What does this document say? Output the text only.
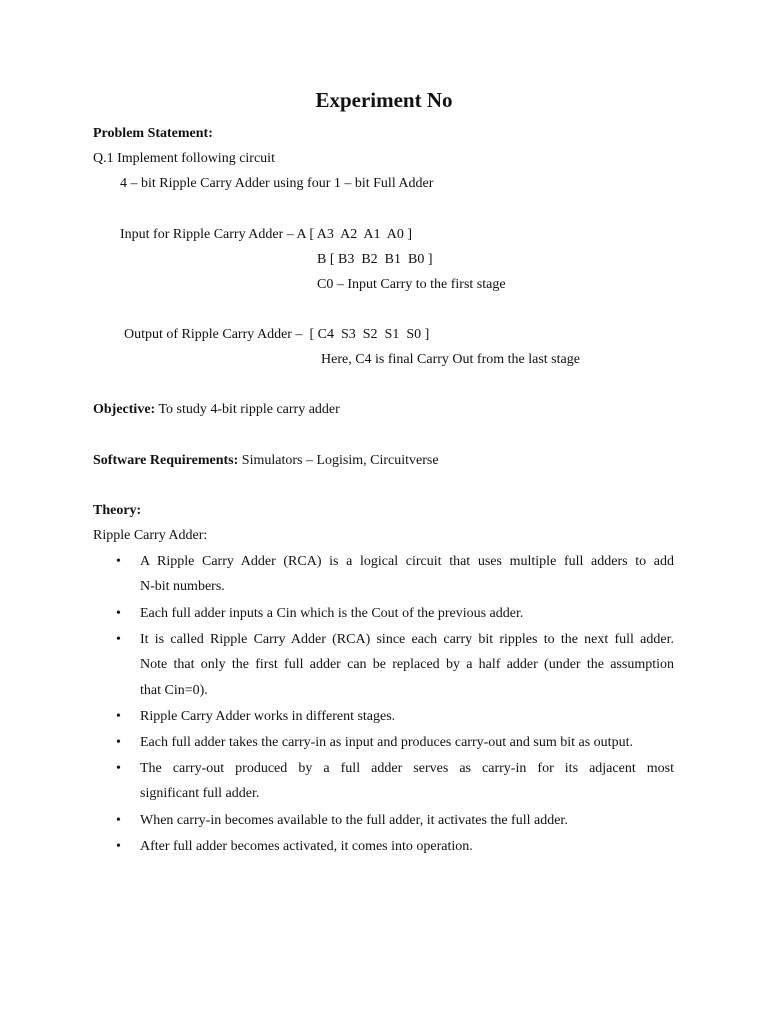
Experiment No
Problem Statement:
Q.1 Implement following circuit
4 – bit Ripple Carry Adder using four 1 – bit Full Adder
Input for Ripple Carry Adder – A [ A3  A2  A1  A0 ]
B [ B3  B2  B1  B0 ]
C0 – Input Carry to the first stage
Output of Ripple Carry Adder –  [ C4  S3  S2  S1  S0 ]
Here, C4 is final Carry Out from the last stage
Objective: To study 4-bit ripple carry adder
Software Requirements: Simulators – Logisim, Circuitverse
Theory:
Ripple Carry Adder:
• A Ripple Carry Adder (RCA) is a logical circuit that uses multiple full adders to add
N-bit numbers.
• Each full adder inputs a Cin which is the Cout of the previous adder.
• It is called Ripple Carry Adder (RCA) since each carry bit ripples to the next full adder.
Note that only the first full adder can be replaced by a half adder (under the assumption
that Cin=0).
• Ripple Carry Adder works in different stages.
• Each full adder takes the carry-in as input and produces carry-out and sum bit as output.
• The carry-out produced by a full adder serves as carry-in for its adjacent most
significant full adder.
• When carry-in becomes available to the full adder, it activates the full adder.
• After full adder becomes activated, it comes into operation.
